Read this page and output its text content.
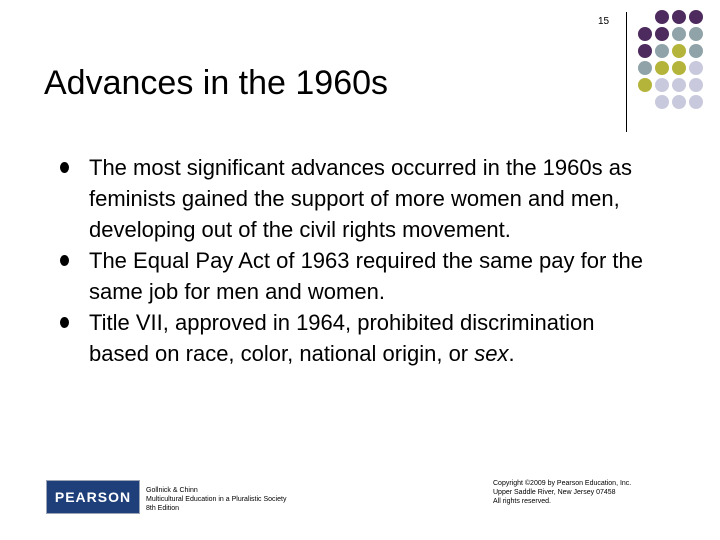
15
Advances in the 1960s
The most significant advances occurred in the 1960s as feminists gained the support of more women and men, developing out of the civil rights movement.
The Equal Pay Act of 1963 required the same pay for the same job for men and women.
Title VII, approved in 1964, prohibited discrimination based on race, color, national origin, or sex.
PEARSON Gollnick & Chinn
Multicultural Education in a Pluralistic Society
8th Edition
Copyright ©2009 by Pearson Education, Inc.
Upper Saddle River, New Jersey 07458
All rights reserved.
